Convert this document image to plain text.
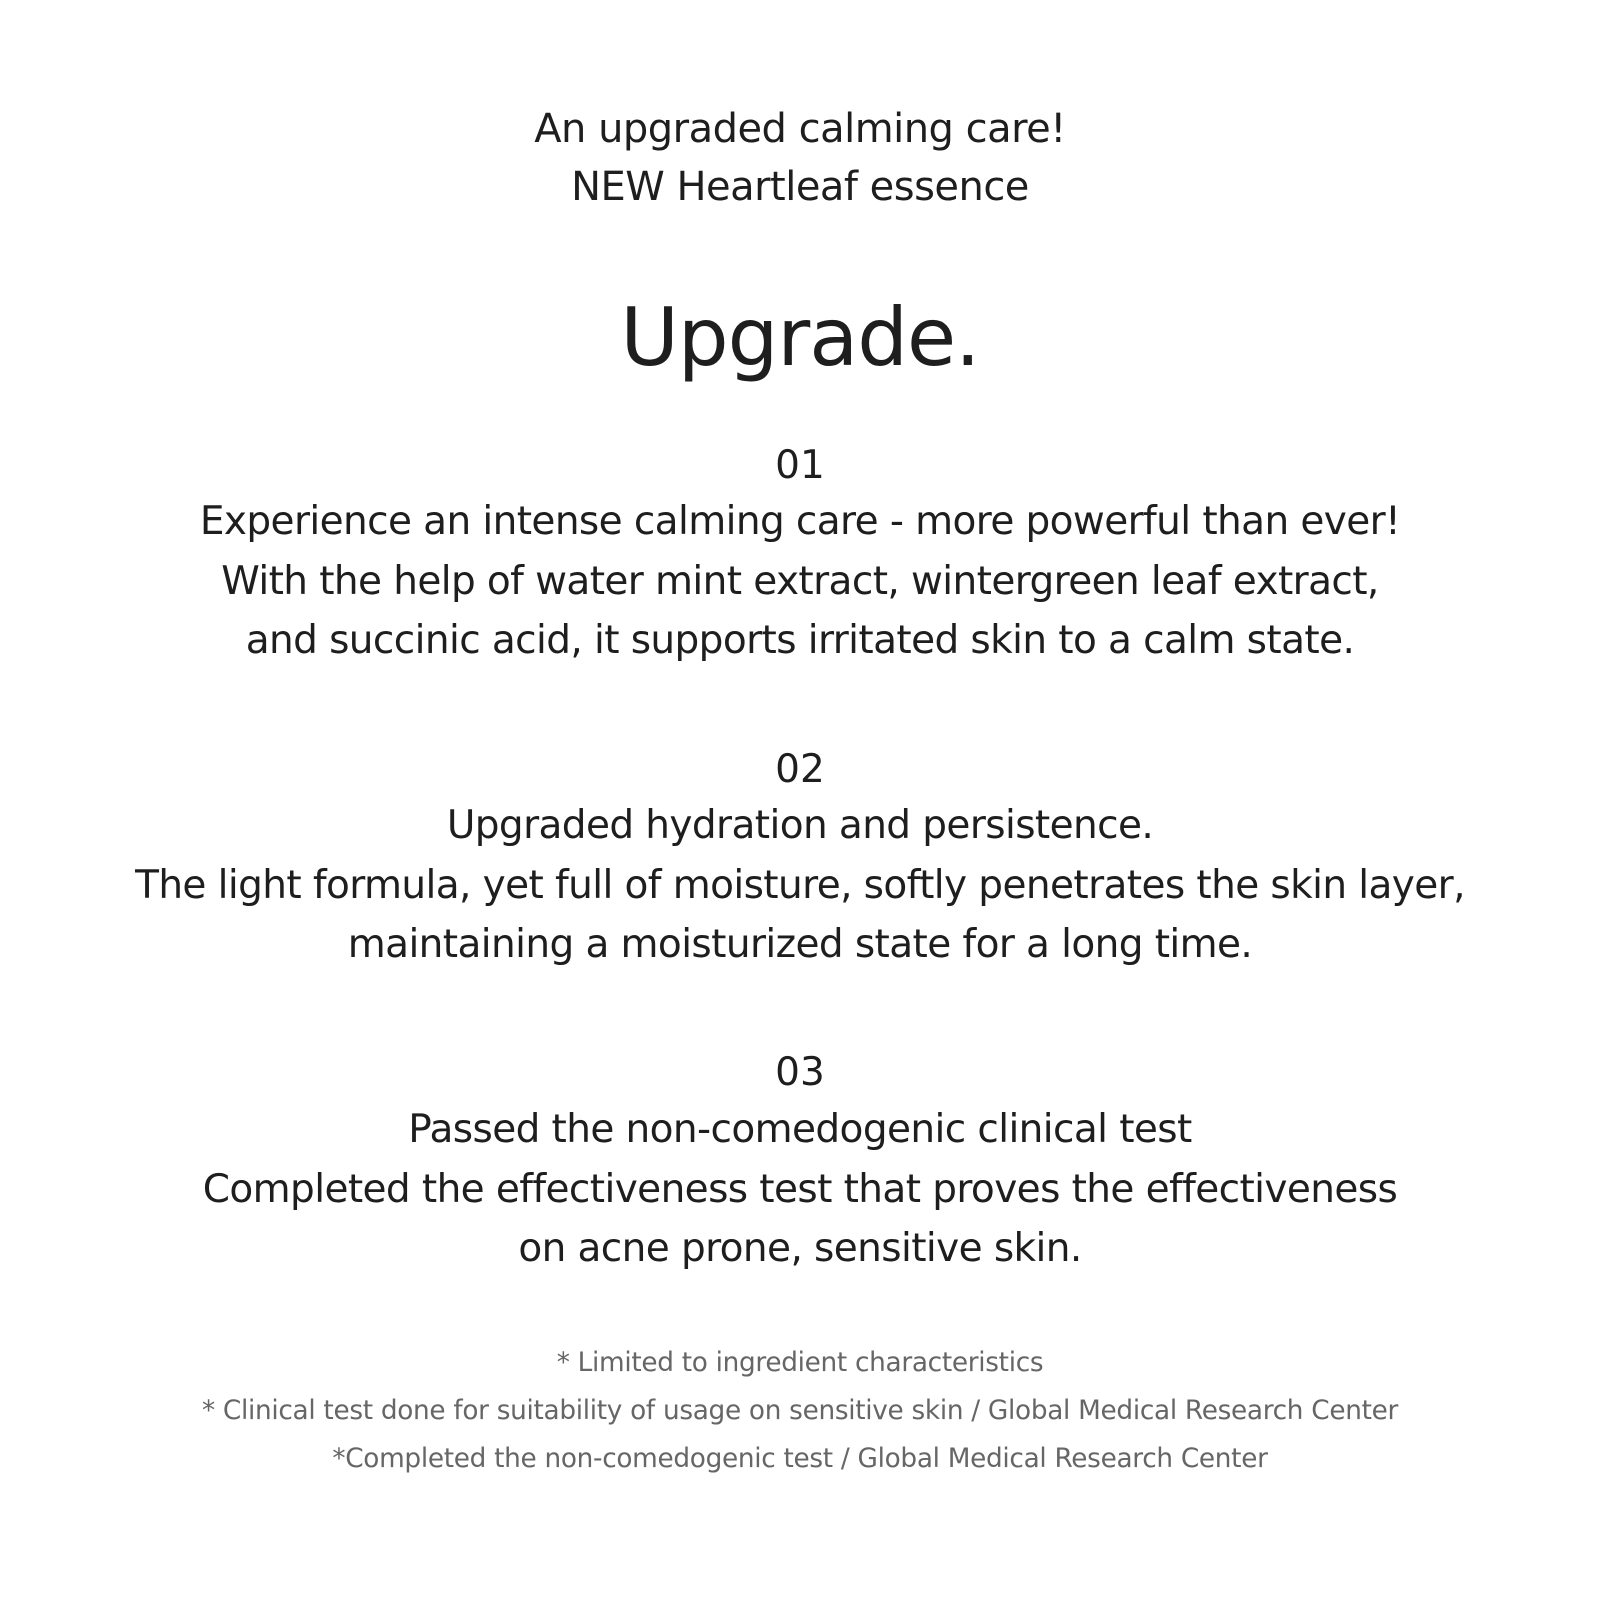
An upgraded calming care!
NEW Heartleaf essence
Upgrade.
01
Experience an intense calming care - more powerful than ever!
With the help of water mint extract, wintergreen leaf extract,
and succinic acid, it supports irritated skin to a calm state.
02
Upgraded hydration and persistence.
The light formula, yet full of moisture, softly penetrates the skin layer,
maintaining a moisturized state for a long time.
03
Passed the non-comedogenic clinical test
Completed the effectiveness test that proves the effectiveness
on acne prone, sensitive skin.
* Limited to ingredient characteristics
* Clinical test done for suitability of usage on sensitive skin / Global Medical Research Center
*Completed the non-comedogenic test / Global Medical Research Center
